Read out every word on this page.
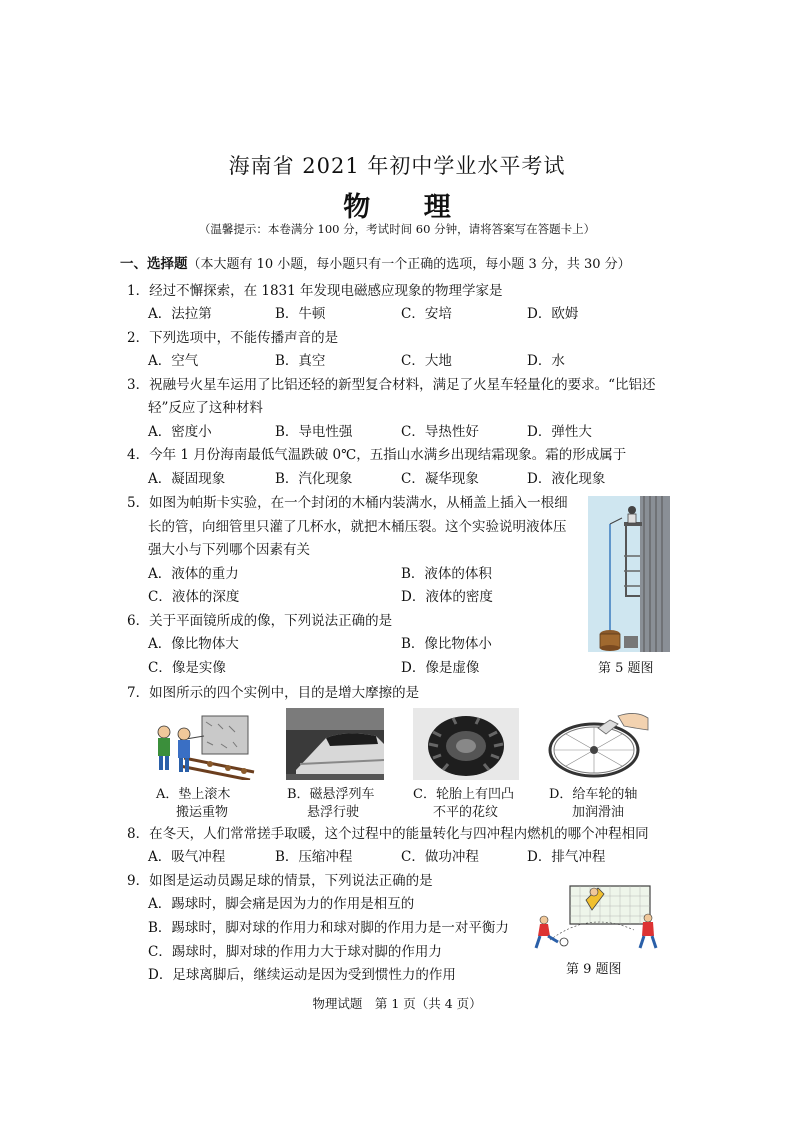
海南省 2021 年初中学业水平考试
物 理
（温馨提示：本卷满分 100 分，考试时间 60 分钟，请将答案写在答题卡上）
一、选择题（本大题有 10 小题，每小题只有一个正确的选项，每小题 3 分，共 30 分）
1．经过不懈探索，在 1831 年发现电磁感应现象的物理学家是
A．法拉第	B．牛顿	C．安培	D．欧姆
2．下列选项中，不能传播声音的是
A．空气	B．真空	C．大地	D．水
3．祝融号火星车运用了比铝还轻的新型复合材料，满足了火星车轻量化的要求。“比铝还
轻”反应了这种材料
A．密度小	B．导电性强	C．导热性好	D．弹性大
4．今年 1 月份海南最低气温跌破 0℃，五指山水满乡出现结霜现象。霜的形成属于
A．凝固现象	B．汽化现象	C．凝华现象	D．液化现象
5．如图为帕斯卡实验，在一个封闭的木桶内装满水，从桶盖上插入一根细
长的管，向细管里只灌了几杯水，就把木桶压裂。这个实验说明液体压
强大小与下列哪个因素有关
A．液体的重力	B．液体的体积
C．液体的深度	D．液体的密度
第 5 题图
6．关于平面镜所成的像，下列说法正确的是
A．像比物体大	B．像比物体小
C．像是实像	D．像是虚像
7．如图所示的四个实例中，目的是增大摩擦的是
A．垫上滚木
搬运重物
B．磁悬浮列车
悬浮行驶
C．轮胎上有凹凸
不平的花纹
D．给车轮的轴
加润滑油
8．在冬天，人们常常搓手取暖，这个过程中的能量转化与四冲程内燃机的哪个冲程相同
A．吸气冲程	B．压缩冲程	C．做功冲程	D．排气冲程
9．如图是运动员踢足球的情景，下列说法正确的是
A．踢球时，脚会痛是因为力的作用是相互的
B．踢球时，脚对球的作用力和球对脚的作用力是一对平衡力
C．踢球时，脚对球的作用力大于球对脚的作用力
D．足球离脚后，继续运动是因为受到惯性力的作用	第 9 题图
物理试题　第 1 页（共 4 页）
